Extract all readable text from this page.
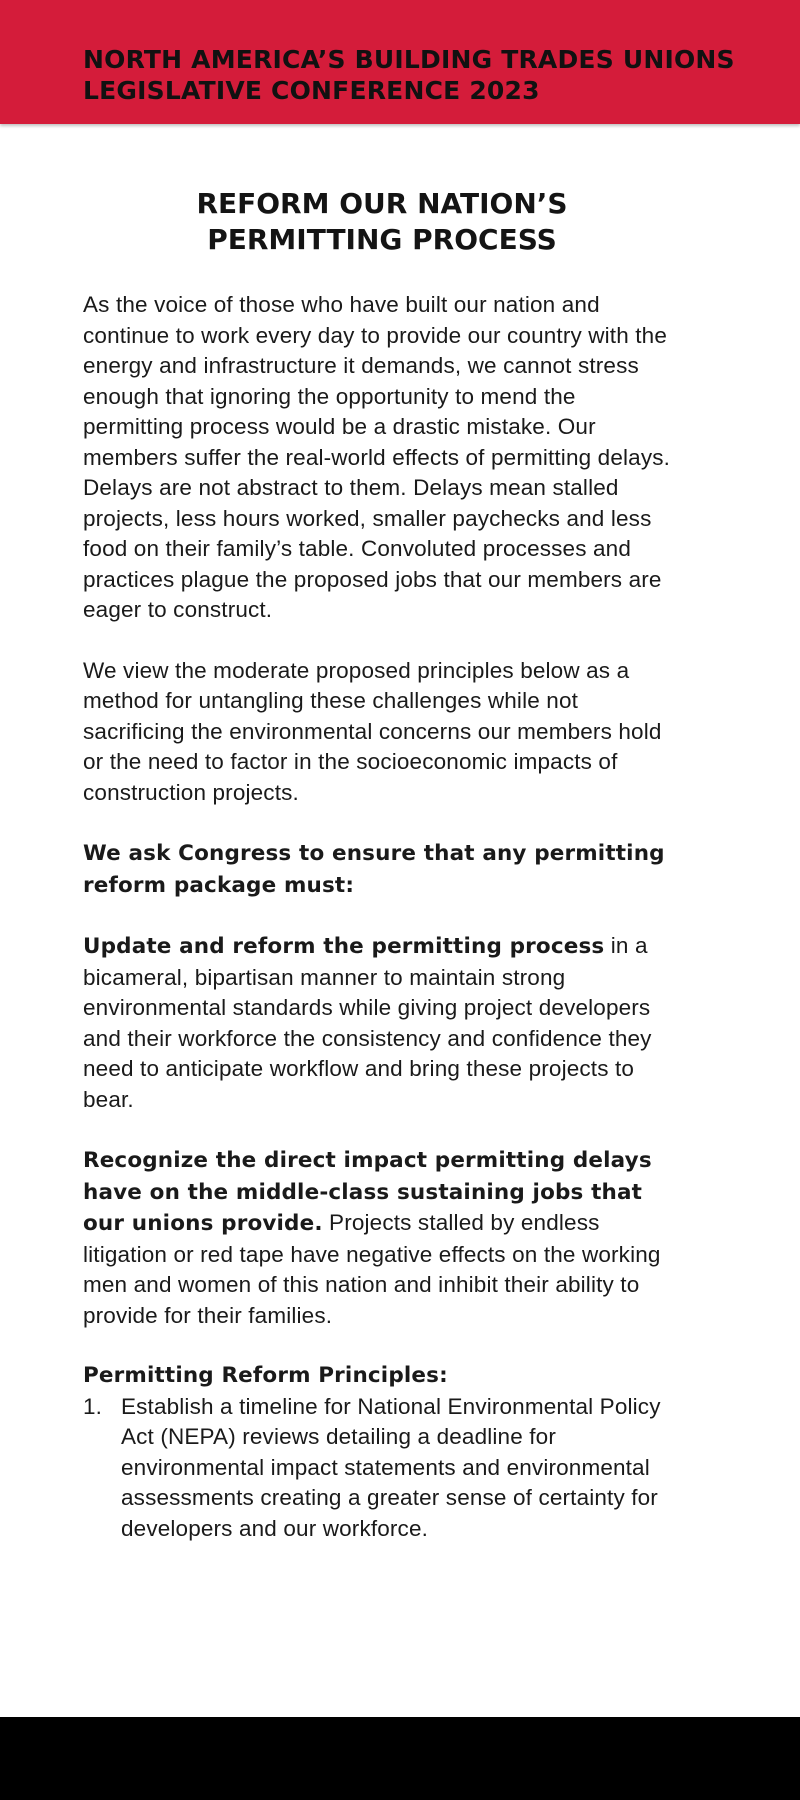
NORTH AMERICA’S BUILDING TRADES UNIONS
LEGISLATIVE CONFERENCE 2023
REFORM OUR NATION’S
PERMITTING PROCESS

As the voice of those who have built our nation and continue to work every day to provide our country with the energy and infrastructure it demands, we cannot stress enough that ignoring the opportunity to mend the permitting process would be a drastic mistake. Our members suffer the real-world effects of permitting delays. Delays are not abstract to them. Delays mean stalled projects, less hours worked, smaller paychecks and less food on their family’s table. Convoluted processes and practices plague the proposed jobs that our members are eager to construct.

We view the moderate proposed principles below as a method for untangling these challenges while not sacrificing the environmental concerns our members hold or the need to factor in the socioeconomic impacts of construction projects.

We ask Congress to ensure that any permitting reform package must:

Update and reform the permitting process in a bicameral, bipartisan manner to maintain strong environmental standards while giving project developers and their workforce the consistency and confidence they need to anticipate workflow and bring these projects to bear.

Recognize the direct impact permitting delays have on the middle-class sustaining jobs that our unions provide. Projects stalled by endless litigation or red tape have negative effects on the working men and women of this nation and inhibit their ability to provide for their families.

Permitting Reform Principles:
1. Establish a timeline for National Environmental Policy Act (NEPA) reviews detailing a deadline for environmental impact statements and environmental assessments creating a greater sense of certainty for developers and our workforce.
